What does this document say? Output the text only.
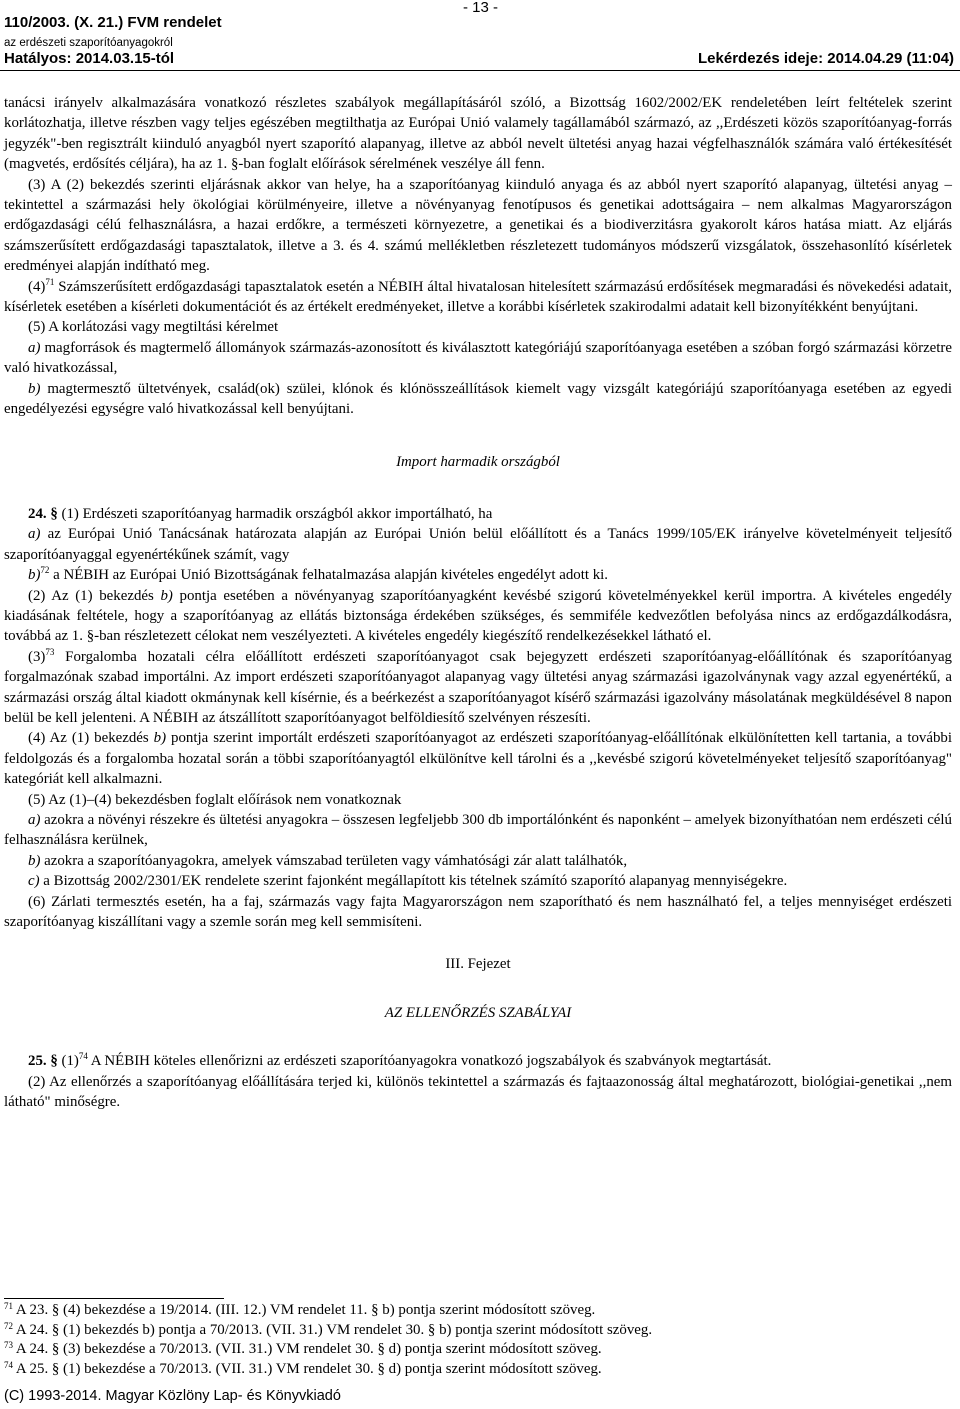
- 13 -
110/2003. (X. 21.) FVM rendelet
az erdészeti szaporítóanyagokról
Hatályos: 2014.03.15-tól	Lekérdezés ideje: 2014.04.29 (11:04)

tanácsi irányelv alkalmazására vonatkozó részletes szabályok megállapításáról szóló, a Bizottság 1602/2002/EK rendeletében leírt feltételek szerint korlátozhatja, illetve részben vagy teljes egészében megtilthatja az Európai Unió valamely tagállamából származó, az ,,Erdészeti közös szaporítóanyag-forrás jegyzék"-ben regisztrált kiinduló anyagból nyert szaporító alapanyag, illetve az abból nevelt ültetési anyag hazai végfelhasználók számára való értékesítését (magvetés, erdősítés céljára), ha az 1. §-ban foglalt előírások sérelmének veszélye áll fenn.

(3) A (2) bekezdés szerinti eljárásnak akkor van helye, ha a szaporítóanyag kiinduló anyaga és az abból nyert szaporító alapanyag, ültetési anyag – tekintettel a származási hely ökológiai körülményeire, illetve a növényanyag fenotípusos és genetikai adottságaira – nem alkalmas Magyarországon erdőgazdasági célú felhasználásra, a hazai erdőkre, a természeti környezetre, a genetikai és a biodiverzitásra gyakorolt káros hatása miatt. Az eljárás számszerűsített erdőgazdasági tapasztalatok, illetve a 3. és 4. számú mellékletben részletezett tudományos módszerű vizsgálatok, összehasonlító kísérletek eredményei alapján indítható meg.

$(4)^{71}$ Számszerűsített erdőgazdasági tapasztalatok esetén a NÉBIH által hivatalosan hitelesített származású erdősítések megmaradási és növekedési adatait, kísérletek esetében a kísérleti dokumentációt és az értékelt eredményeket, illetve a korábbi kísérletek szakirodalmi adatait kell bizonyítékként benyújtani.

(5) A korlátozási vagy megtiltási kérelmet

a) magforrások és magtermelő állományok származás-azonosított és kiválasztott kategóriájú szaporítóanyaga esetében a szóban forgó származási körzetre való hivatkozással,

b) magtermesztő ültetvények, család(ok) szülei, klónok és klónösszeállítások kiemelt vagy vizsgált kategóriájú szaporítóanyaga esetében az egyedi engedélyezési egységre való hivatkozással kell benyújtani.

Import harmadik országból

24. § (1) Erdészeti szaporítóanyag harmadik országból akkor importálható, ha

a) az Európai Unió Tanácsának határozata alapján az Európai Unión belül előállított és a Tanács 1999/105/EK irányelve követelményeit teljesítő szaporítóanyaggal egyenértékűnek számít, vagy

b)$^{72}$ a NÉBIH az Európai Unió Bizottságának felhatalmazása alapján kivételes engedélyt adott ki.

(2) Az (1) bekezdés b) pontja esetében a növényanyag szaporítóanyagként kevésbé szigorú követelményekkel kerül importra. A kivételes engedély kiadásának feltétele, hogy a szaporítóanyag az ellátás biztonsága érdekében szükséges, és semmiféle kedvezőtlen befolyása nincs az erdőgazdálkodásra, továbbá az 1. §-ban részletezett célokat nem veszélyezteti. A kivételes engedély kiegészítő rendelkezésekkel látható el.

$(3)^{73}$ Forgalomba hozatali célra előállított erdészeti szaporítóanyagot csak bejegyzett erdészeti szaporítóanyag-előállítónak és szaporítóanyag forgalmazónak szabad importálni. Az import erdészeti szaporítóanyagot alapanyag vagy ültetési anyag származási igazolványnak vagy azzal egyenértékű, a származási ország által kiadott okmánynak kell kísérnie, és a beérkezést a szaporítóanyagot kísérő származási igazolvány másolatának megküldésével 8 napon belül be kell jelenteni. A NÉBIH az átszállított szaporítóanyagot belföldiesítő szelvényen részesíti.

(4) Az (1) bekezdés b) pontja szerint importált erdészeti szaporítóanyagot az erdészeti szaporítóanyag-előállítónak elkülönítetten kell tartania, a további feldolgozás és a forgalomba hozatal során a többi szaporítóanyagtól elkülönítve kell tárolni és a ,,kevésbé szigorú követelményeket teljesítő szaporítóanyag" kategóriát kell alkalmazni.

(5) Az (1)–(4) bekezdésben foglalt előírások nem vonatkoznak

a) azokra a növényi részekre és ültetési anyagokra – összesen legfeljebb 300 db importálónként és naponként – amelyek bizonyíthatóan nem erdészeti célú felhasználásra kerülnek,

b) azokra a szaporítóanyagokra, amelyek vámszabad területen vagy vámhatósági zár alatt találhatók,

c) a Bizottság 2002/2301/EK rendelete szerint fajonként megállapított kis tételnek számító szaporító alapanyag mennyiségekre.

(6) Zárlati termesztés esetén, ha a faj, származás vagy fajta Magyarországon nem szaporítható és nem használható fel, a teljes mennyiséget erdészeti szaporítóanyag kiszállítani vagy a szemle során meg kell semmisíteni.

III. Fejezet

AZ ELLENŐRZÉS SZABÁLYAI

25. § $(1)^{74}$ A NÉBIH köteles ellenőrizni az erdészeti szaporítóanyagokra vonatkozó jogszabályok és szabványok megtartását.

(2) Az ellenőrzés a szaporítóanyag előállítására terjed ki, különös tekintettel a származás és fajtaazonosság által meghatározott, biológiai-genetikai ,,nem látható" minőségre.

$^{71}$ A 23. § (4) bekezdése a 19/2014. (III. 12.) VM rendelet 11. § b) pontja szerint módosított szöveg.
$^{72}$ A 24. § (1) bekezdés b) pontja a 70/2013. (VII. 31.) VM rendelet 30. § b) pontja szerint módosított szöveg.
$^{73}$ A 24. § (3) bekezdése a 70/2013. (VII. 31.) VM rendelet 30. § d) pontja szerint módosított szöveg.
$^{74}$ A 25. § (1) bekezdése a 70/2013. (VII. 31.) VM rendelet 30. § d) pontja szerint módosított szöveg.
(C) 1993-2014. Magyar Közlöny Lap- és Könyvkiadó
